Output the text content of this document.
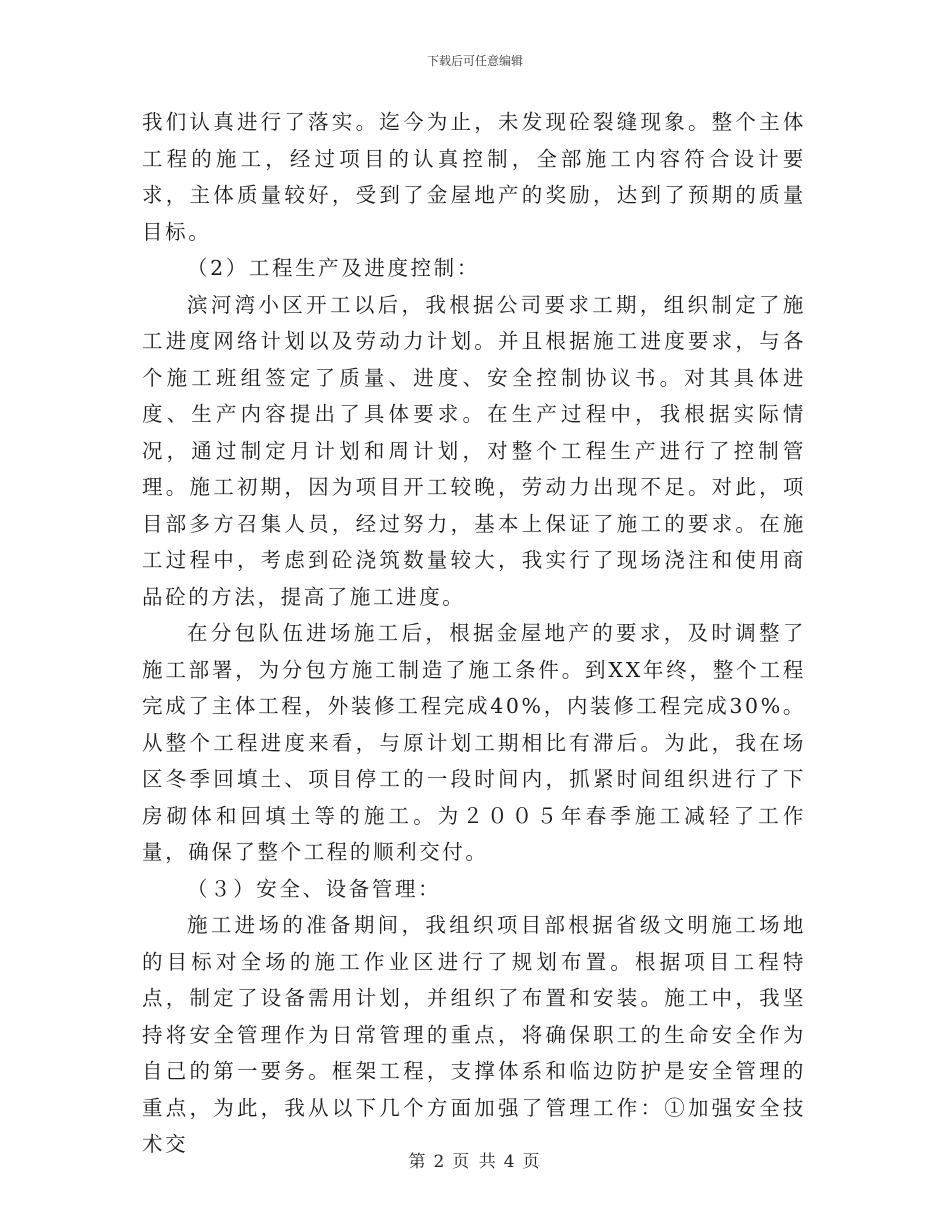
下载后可任意编辑

我们认真进行了落实。迄今为止，未发现砼裂缝现象。整个主体工程的施工，经过项目的认真控制，全部施工内容符合设计要求，主体质量较好，受到了金屋地产的奖励，达到了预期的质量目标。

（2）工程生产及进度控制：

滨河湾小区开工以后，我根据公司要求工期，组织制定了施工进度网络计划以及劳动力计划。并且根据施工进度要求，与各个施工班组签定了质量、进度、安全控制协议书。对其具体进度、生产内容提出了具体要求。在生产过程中，我根据实际情况，通过制定月计划和周计划，对整个工程生产进行了控制管理。施工初期，因为项目开工较晚，劳动力出现不足。对此，项目部多方召集人员，经过努力，基本上保证了施工的要求。在施工过程中，考虑到砼浇筑数量较大，我实行了现场浇注和使用商品砼的方法，提高了施工进度。

在分包队伍进场施工后，根据金屋地产的要求，及时调整了施工部署，为分包方施工制造了施工条件。到XX年终，整个工程完成了主体工程，外装修工程完成40%，内装修工程完成30%。从整个工程进度来看，与原计划工期相比有滞后。为此，我在场区冬季回填土、项目停工的一段时间内，抓紧时间组织进行了下房砌体和回填土等的施工。为２００５年春季施工减轻了工作量，确保了整个工程的顺利交付。

（３）安全、设备管理：

施工进场的准备期间，我组织项目部根据省级文明施工场地的目标对全场的施工作业区进行了规划布置。根据项目工程特点，制定了设备需用计划，并组织了布置和安装。施工中，我坚持将安全管理作为日常管理的重点，将确保职工的生命安全作为自己的第一要务。框架工程，支撑体系和临边防护是安全管理的重点，为此，我从以下几个方面加强了管理工作：①加强安全技术交

第 2 页 共 4 页
